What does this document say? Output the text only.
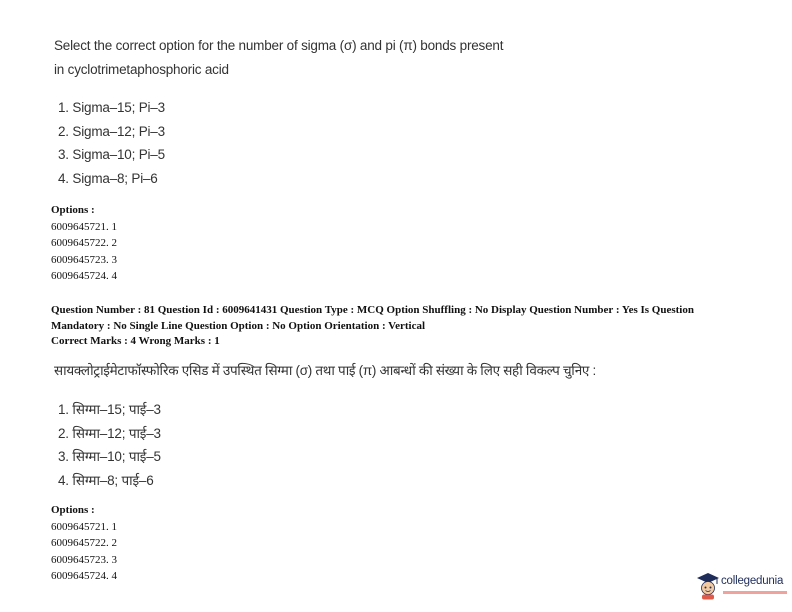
Select the correct option for the number of sigma (σ) and pi (π) bonds present in cyclotrimetaphosphoric acid
1. Sigma–15; Pi–3
2. Sigma–12; Pi–3
3. Sigma–10; Pi–5
4. Sigma–8; Pi–6
Options :
6009645721. 1
6009645722. 2
6009645723. 3
6009645724. 4
Question Number : 81 Question Id : 6009641431 Question Type : MCQ Option Shuffling : No Display Question Number : Yes Is Question Mandatory : No Single Line Question Option : No Option Orientation : Vertical
Correct Marks : 4 Wrong Marks : 1
सायक्लोट्राईमेटाफॉस्फोरिक एसिड में उपस्थित सिग्मा (σ) तथा पाई (π) आबन्धों की संख्या के लिए सही विकल्प चुनिए :
1. सिग्मा–15; पाई–3
2. सिग्मा–12; पाई–3
3. सिग्मा–10; पाई–5
4. सिग्मा–8; पाई–6
Options :
6009645721. 1
6009645722. 2
6009645723. 3
6009645724. 4	collegedunia
